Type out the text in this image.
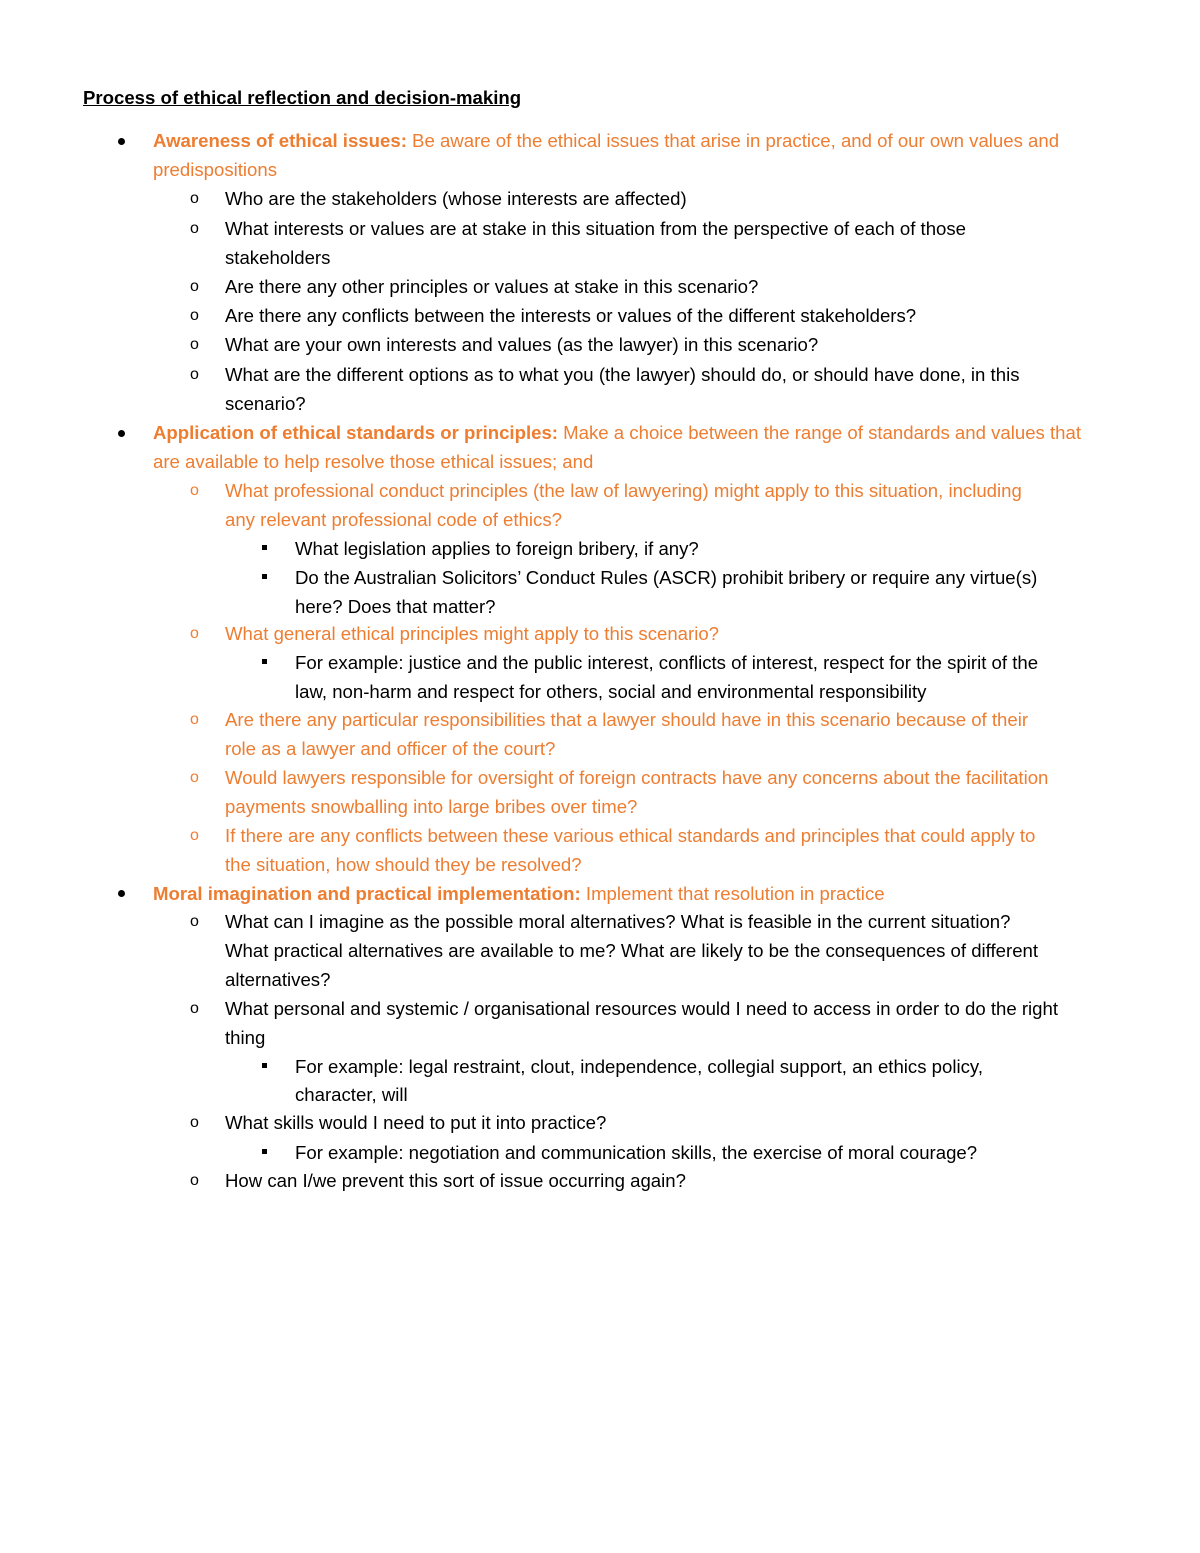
Process of ethical reflection and decision-making
Awareness of ethical issues: Be aware of the ethical issues that arise in practice, and of our own values and
predispositions
o Who are the stakeholders (whose interests are affected)
o What interests or values are at stake in this situation from the perspective of each of those
stakeholders
o Are there any other principles or values at stake in this scenario?
o Are there any conflicts between the interests or values of the different stakeholders?
o What are your own interests and values (as the lawyer) in this scenario?
o What are the different options as to what you (the lawyer) should do, or should have done, in this
scenario?
Application of ethical standards or principles: Make a choice between the range of standards and values that
are available to help resolve those ethical issues; and
o What professional conduct principles (the law of lawyering) might apply to this situation, including
any relevant professional code of ethics?
What legislation applies to foreign bribery, if any?
Do the Australian Solicitors’ Conduct Rules (ASCR) prohibit bribery or require any virtue(s)
here? Does that matter?
o What general ethical principles might apply to this scenario?
For example: justice and the public interest, conflicts of interest, respect for the spirit of the
law, non-harm and respect for others, social and environmental responsibility
o Are there any particular responsibilities that a lawyer should have in this scenario because of their
role as a lawyer and officer of the court?
o Would lawyers responsible for oversight of foreign contracts have any concerns about the facilitation
payments snowballing into large bribes over time?
o If there are any conflicts between these various ethical standards and principles that could apply to
the situation, how should they be resolved?
Moral imagination and practical implementation: Implement that resolution in practice
o What can I imagine as the possible moral alternatives? What is feasible in the current situation?
What practical alternatives are available to me? What are likely to be the consequences of different
alternatives?
o What personal and systemic / organisational resources would I need to access in order to do the right
thing
For example: legal restraint, clout, independence, collegial support, an ethics policy,
character, will
o What skills would I need to put it into practice?
For example: negotiation and communication skills, the exercise of moral courage?
o How can I/we prevent this sort of issue occurring again?
